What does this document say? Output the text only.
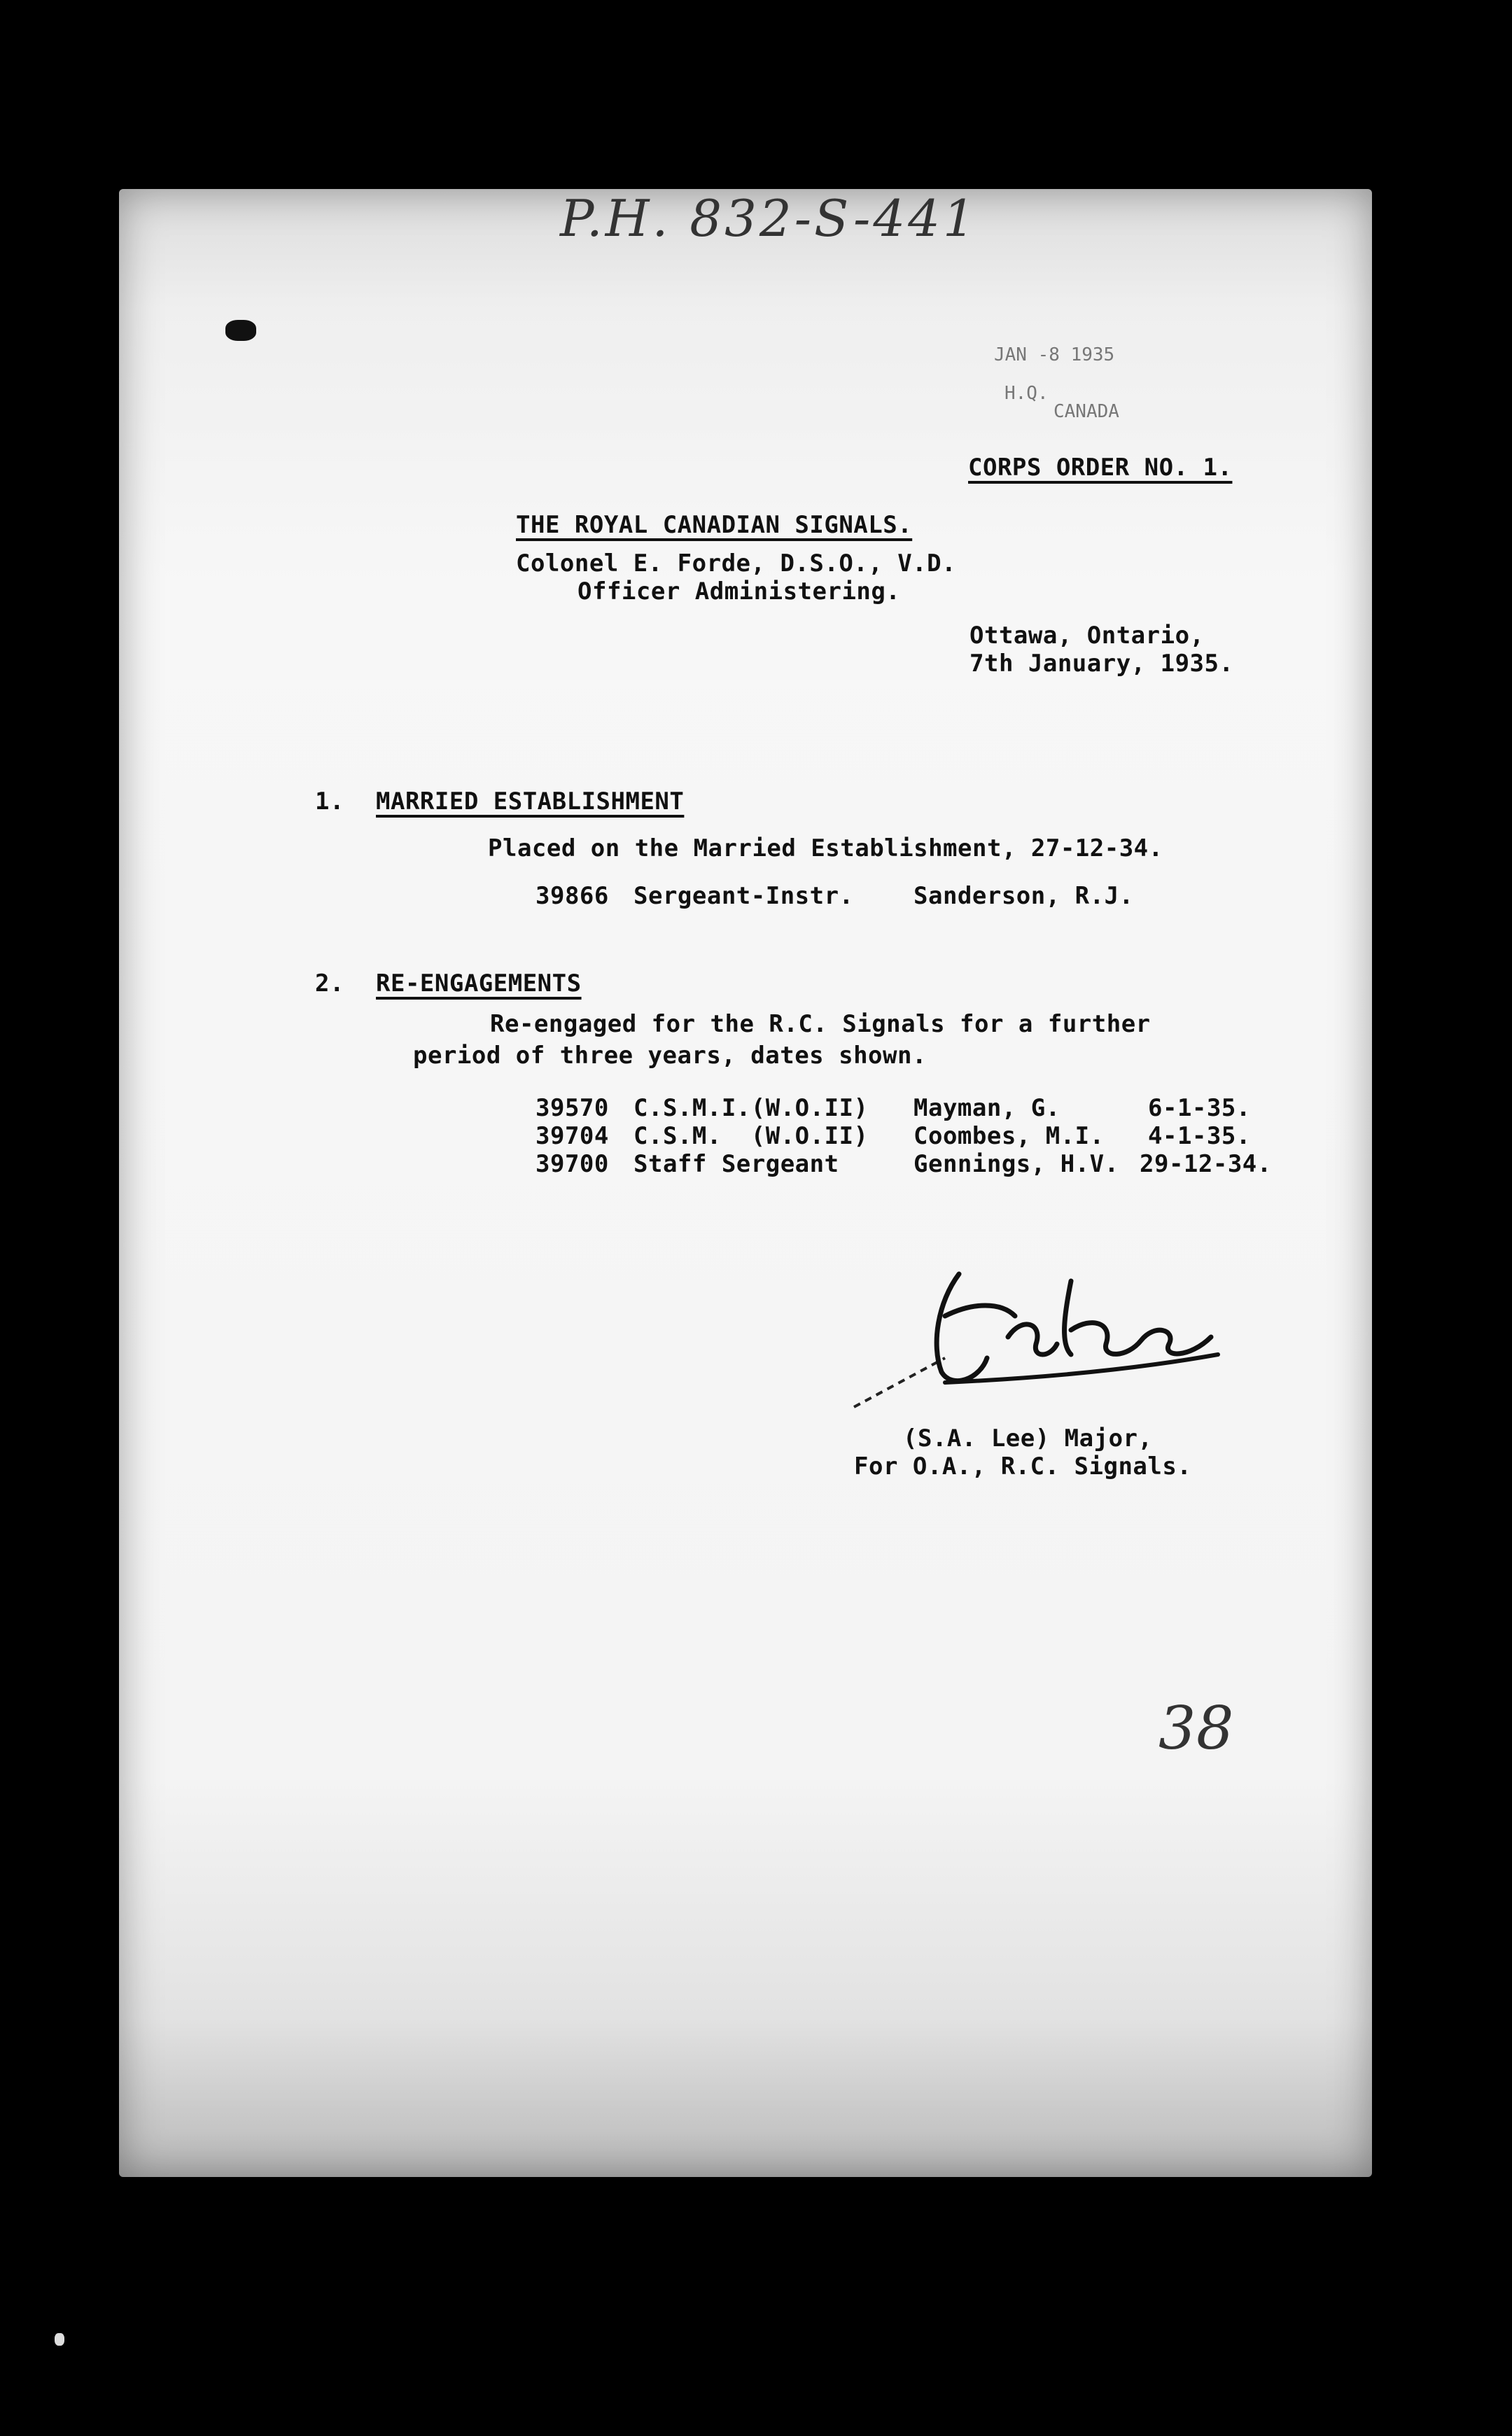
P.H. 832-S-441
JAN -8 1935
H.Q.
CANADA
CORPS ORDER NO. 1.
THE ROYAL CANADIAN SIGNALS.
Colonel E. Forde, D.S.O., V.D.
Officer Administering.
Ottawa, Ontario,
7th January, 1935.
1. MARRIED ESTABLISHMENT
Placed on the Married Establishment, 27-12-34.
39866 Sergeant-Instr.	Sanderson, R.J.
2. RE-ENGAGEMENTS
Re-engaged for the R.C. Signals for a further
period of three years, dates shown.
39570 C.S.M.I.(W.O.II) Mayman, G.	6-1-35.
39704 C.S.M.  (W.O.II) Coombes, M.I. 4-1-35.
39700 Staff Sergeant	Gennings, H.V. 29-12-34.
(S.A. Lee) Major,
For O.A., R.C. Signals.
38
